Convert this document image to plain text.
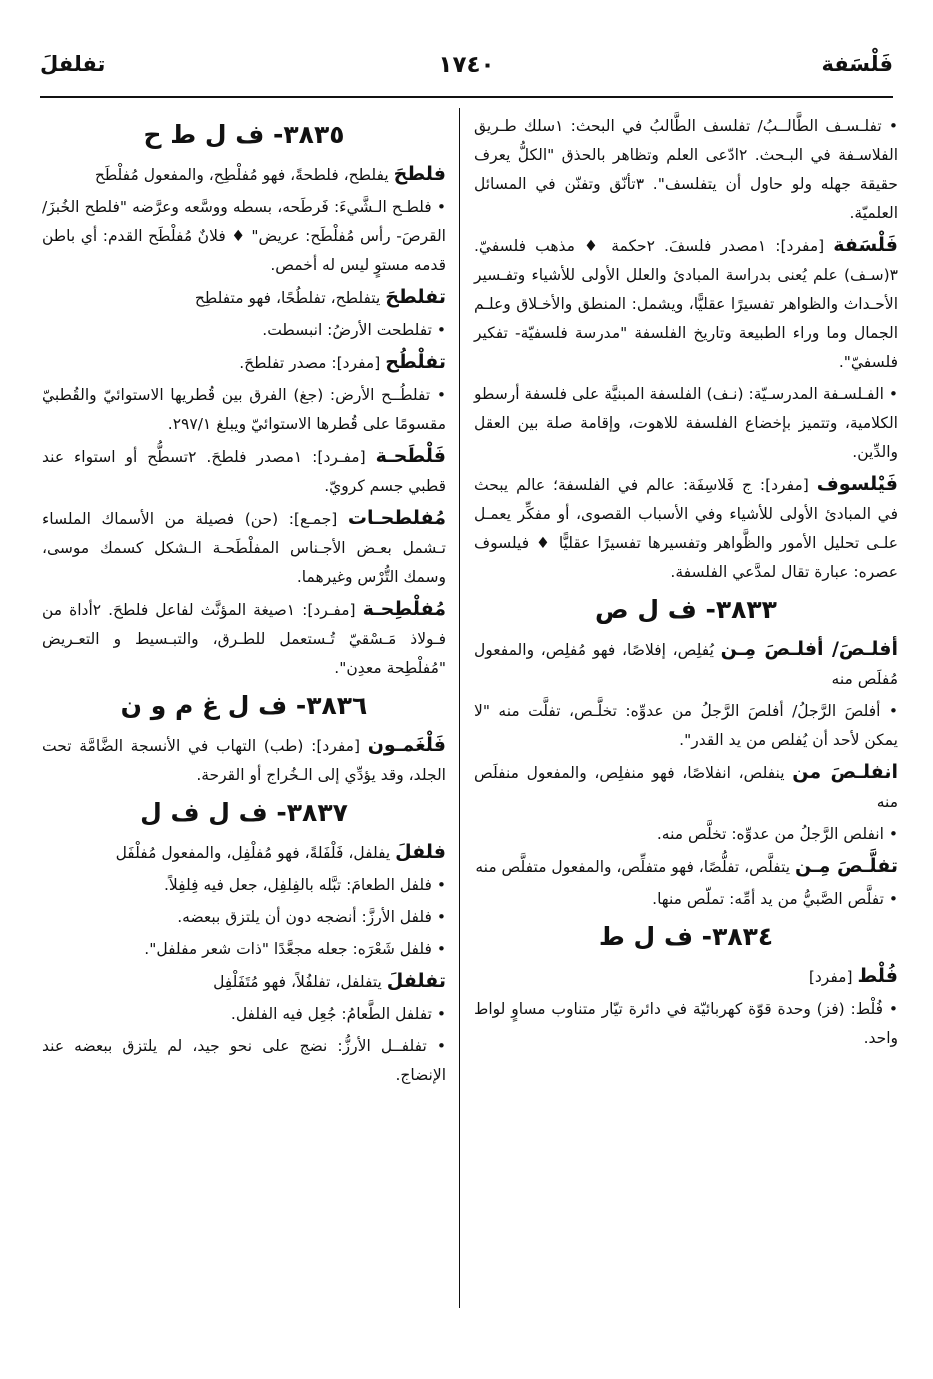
فَلْسَفة
١٧٤٠
تفلفلَ

• تفلـسـف الطَّالــبُ/ تفلسف الطَّالبُ في البحث: ١سلك طـريق الفلاسـفة في البـحث. ٢ادّعى العلم وتظاهر بالحذق "الكلُّ يعرف حقيقة جهله ولو حاول أن يتفلسف". ٣تأنّق وتفنّن في المسائل العلميّة.

فَلْسَفة [مفرد]: ١مصدر فلسفَ. ٢حكمة ♦ مذهب فلسفيّ. ٣(سـف) علم يُعنى بدراسة المبادئ والعلل الأولى للأشياء وتفـسير الأحـداث والظواهر تفسيرًا عقليًّا، ويشمل: المنطق والأخـلاق وعلـم الجمال وما وراء الطبيعة وتاريخ الفلسفة "مدرسة فلسفيّة- تفكير فلسفيّ".

• الفـلسـفة المدرسـيّة: (نـف) الفلسفة المبنيَّة على فلسفة أرسطو الكلامية، وتتميز بإخضاع الفلسفة للاهوت، وإقامة صلة بين العقل والدِّين.

فَيْلسوف [مفرد]: ج فَلاسِفَة: عالم في الفلسفة؛ عالم يبحث في المبادئ الأولى للأشياء وفي الأسباب القصوى، أو مفكِّر يعمـل علـى تحليل الأمور والظَّواهر وتفسيرها تفسيرًا عقليًّا ♦ فيلسوف عصره: عبارة تقال لمدَّعي الفلسفة.

٣٨٣٣- ف ل ص

أفلـصَ/ أفلـصَ مِـن يُفلِص، إفلاصًا، فهو مُفلِص، والمفعول مُفلَص منه

• أفلصَ الرَّجلُ/ أفلصَ الرَّجلُ من عدوِّه: تخلَّـص، تفلَّت منه "لا يمكن لأحد أن يُفلص من يد القدر".

انفلـصَ من ينفلص، انفلاصًا، فهو منفلِص، والمفعول منفلَص منه

• انفلص الرَّجلُ من عدوِّه: تخلَّص منه.

تفلَّـصَ مِـن يتفلَّص، تفلُّصًا، فهو متفلِّص، والمفعول متفلَّص منه

• تفلَّص الصَّبيُّ من يد أمِّه: تملّص منها.

٣٨٣٤- ف ل ط

فُلْط [مفرد]

• فُلْط: (فز) وحدة قوّة كهربائيّة في دائرة تيّار متناوب مساوٍ لواط واحد.

٣٨٣٥- ف ل ط ح

فلطحَ يفلطح، فلطحةً، فهو مُفلْطِح، والمفعول مُفلْطَح

• فلطـح الـشَّيءَ: فَرطَحه، بسطه ووسَّعه وعرَّضه "فلطح الخُبزَ/ القرصَ- رأس مُفلْطَح: عريض" ♦ فلانٌ مُفلْطَح القدم: أي باطن قدمه مستوٍ ليس له أخمص.

تفلطحَ يتفلطح، تفلطُحًا، فهو متفلطِح

• تفلطحت الأرضُ: انبسطت.

تفلْطُح [مفرد]: مصدر تفلطحَ.

• تفلطُــح الأرض: (جغ) الفرق بين قُطريها الاستوائيّ والقُطبيّ مقسومًا على قُطرها الاستوائيّ ويبلغ ٢٩٧/١.

فَلْطَحـة [مفـرد]: ١مصدر فلطحَ. ٢تسطُّح أو استواء عند قطبي جسم كرويّ.

مُفلطحـات [جمـع]: (حن) فصيلة من الأسماك الملساء تـشمل بعـض الأجـناس المفلْطَحـة الـشكل كسمك موسى، وسمك التُّرْس وغيرهما.

مُفلْطِحـة [مفـرد]: ١صيغة المؤنَّث لفاعل فلطحَ. ٢أداة من فـولاذ مَـسْقيّ تُـستعمل للطـرق، والتبـسيط و التعـريض "مُفلْطِحة معدِن".

٣٨٣٦- ف ل غ م و ن

فَلْغَمـون [مفرد]: (طب) التهاب في الأنسجة الضَّامَّة تحت الجلد، وقد يؤدِّي إلى الـخُراج أو القرحة.

٣٨٣٧- ف ل ف ل

فلفلَ يفلفل، فَلْفَلةً، فهو مُفلْفِل، والمفعول مُفلْفَل

• فلفل الطعامَ: تبَّله بالفِلفِل، جعل فيه فِلفِلاً.

• فلفل الأرزَّ: أنضجه دون أن يلتزق ببعضه.

• فلفل شَعْرَه: جعله مجعَّدًا "ذات شعر مفلفل".

تفلفلَ يتفلفل، تفلفُلاً، فهو مُتَفَلْفِل

• تفلفل الطَّعامُ: جُعِل فيه الفلفل.

• تفلفــل الأرزُّ: نضج على نحو جيد، لم يلتزق ببعضه عند الإنضاج.
